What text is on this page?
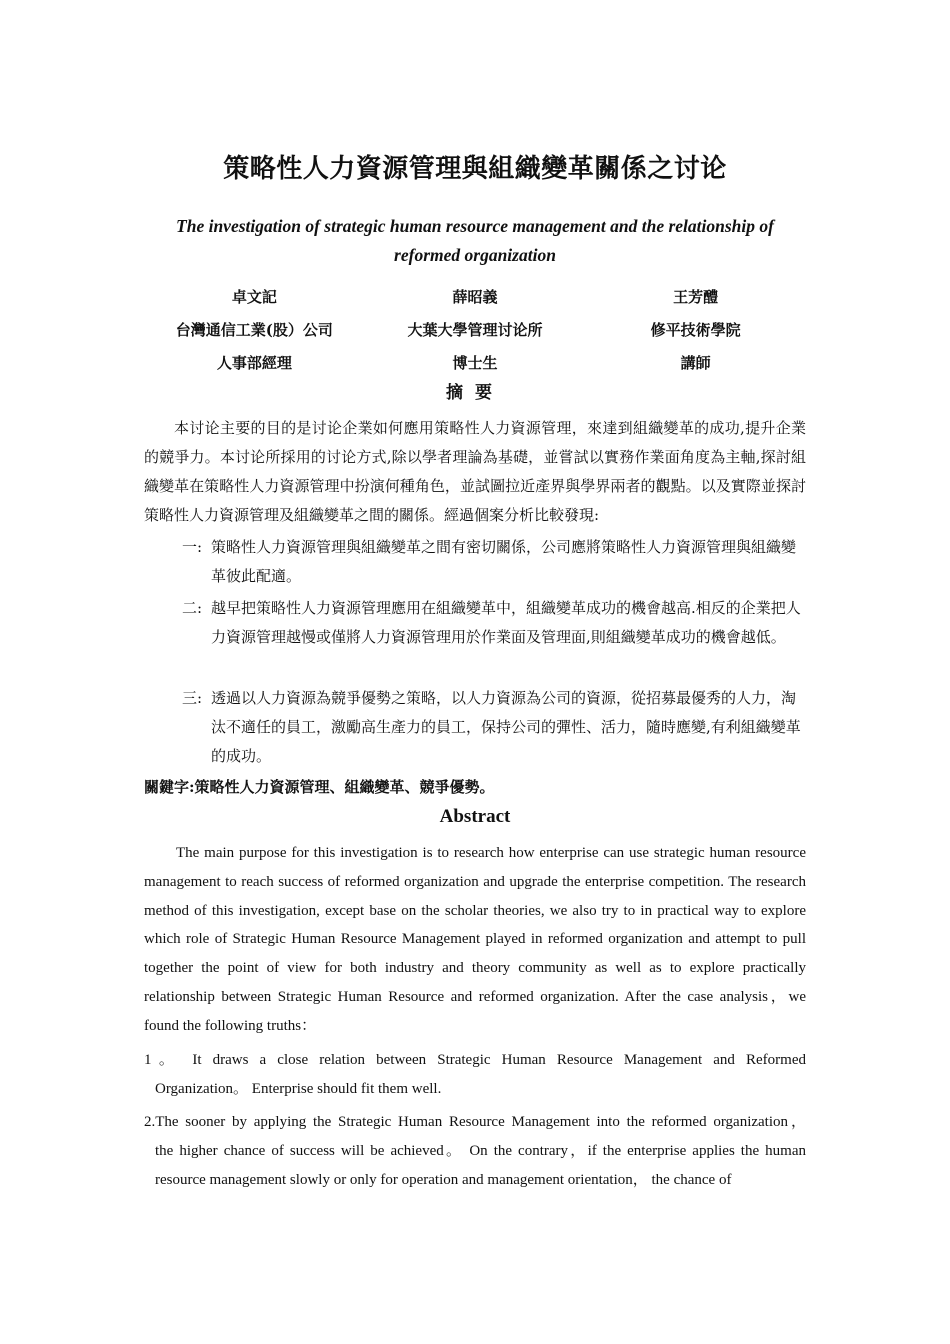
策略性人力資源管理與組織變革關係之讨论
The investigation of strategic human resource management and the relationship of
reformed organization
卓文記	薛昭義	王芳醴
台灣通信工業(股）公司	大葉大學管理讨论所	修平技術學院
人事部經理	博士生	講師
摘要

本讨论主要的目的是讨论企業如何應用策略性人力資源管理，來達到組織變革的成功,提升企業的競爭力。本讨论所採用的讨论方式,除以學者理論為基礎，並嘗試以實務作業面角度為主軸,探討組織變革在策略性人力資源管理中扮演何種角色，並試圖拉近產界與學界兩者的觀點。以及實際並探討策略性人力資源管理及組織變革之間的關係。經過個案分析比較發現:

一: 策略性人力資源管理與組織變革之間有密切關係，公司應將策略性人力資源管理與組織變革彼此配適。
二: 越早把策略性人力資源管理應用在組織變革中，組織變革成功的機會越高.相反的企業把人力資源管理越慢或僅將人力資源管理用於作業面及管理面,則組織變革成功的機會越低。
三: 透過以人力資源為競爭優勢之策略，以人力資源為公司的資源，從招募最優秀的人力，淘汰不適任的員工，激勵高生產力的員工，保持公司的彈性、活力，隨時應變,有利組織變革的成功。
關鍵字:策略性人力資源管理、組織變革、競爭優勢。
Abstract

The main purpose for this investigation is to research how enterprise can use strategic human resource management to reach success of reformed organization and upgrade the enterprise competition. The research method of this investigation, except base on the scholar theories, we also try to in practical way to explore which role of Strategic Human Resource Management played in reformed organization and attempt to pull together the point of view for both industry and theory community as well as to explore practically relationship between Strategic Human Resource and reformed organization. After the case analysis，we found the following truths：

1。 It draws a close relation between Strategic Human Resource Management and Reformed
Organization。 Enterprise should fit them well.
2.The sooner by applying the Strategic Human Resource Management into the reformed organization，
the higher chance of success will be achieved。 On the contrary，if the enterprise applies the human resource management slowly or only for operation and management orientation， the chance of
